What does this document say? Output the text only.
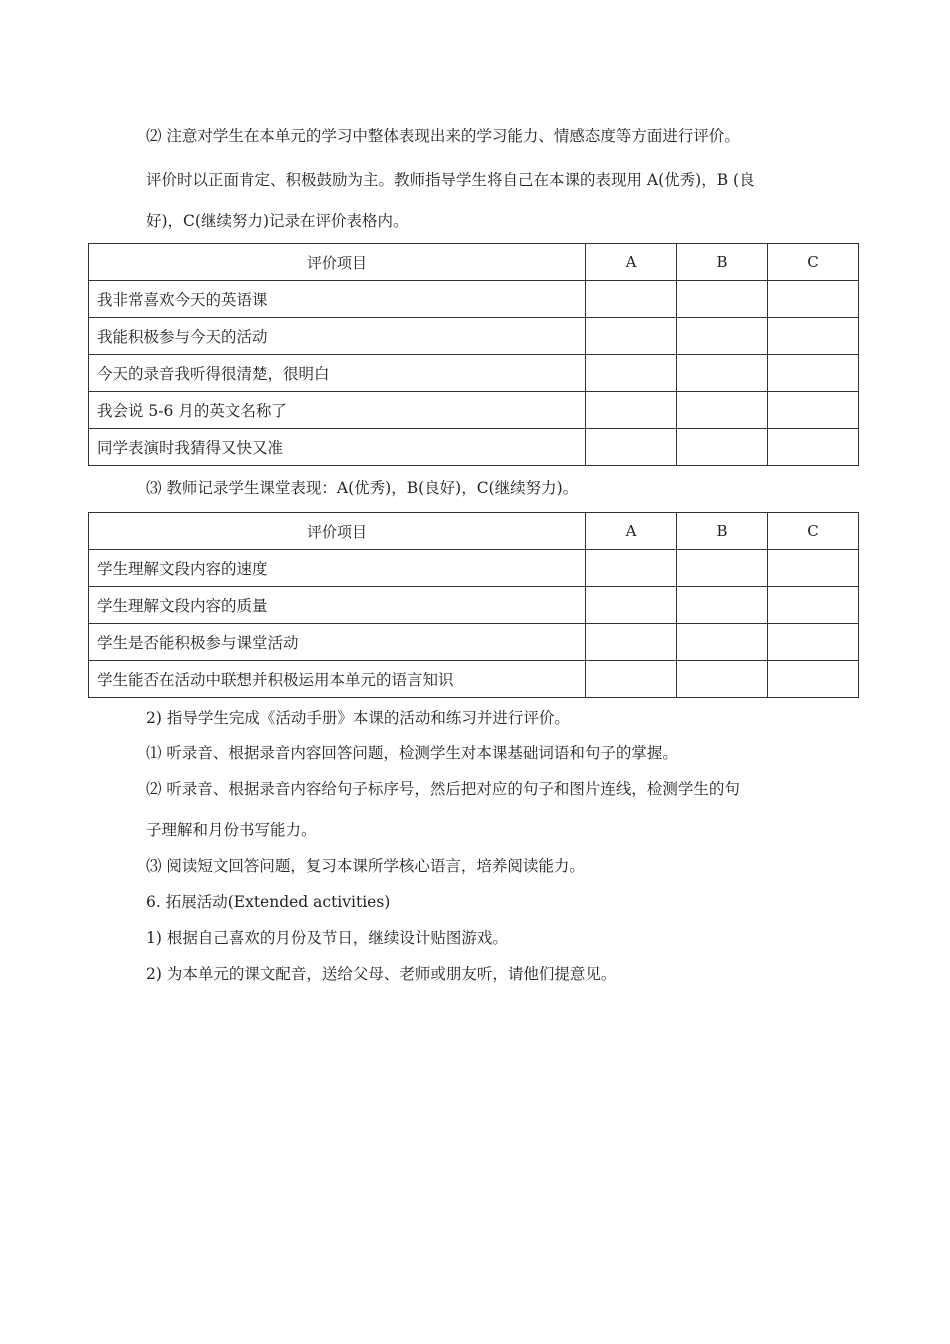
⑵ 注意对学生在本单元的学习中整体表现出来的学习能力、情感态度等方面进行评价。
评价时以正面肯定、积极鼓励为主。教师指导学生将自己在本课的表现用 A(优秀)，B (良
好)，C(继续努力)记录在评价表格内。
评价项目	A	B	C
我非常喜欢今天的英语课			
我能积极参与今天的活动			
今天的录音我听得很清楚，很明白			
我会说 5-6 月的英文名称了			
同学表演时我猜得又快又准			
⑶ 教师记录学生课堂表现：A(优秀)，B(良好)，C(继续努力)。
评价项目	A	B	C
学生理解文段内容的速度			
学生理解文段内容的质量			
学生是否能积极参与课堂活动			
学生能否在活动中联想并积极运用本单元的语言知识			
2) 指导学生完成《活动手册》本课的活动和练习并进行评价。
⑴ 听录音、根据录音内容回答问题，检测学生对本课基础词语和句子的掌握。
⑵ 听录音、根据录音内容给句子标序号，然后把对应的句子和图片连线，检测学生的句
子理解和月份书写能力。
⑶ 阅读短文回答问题，复习本课所学核心语言，培养阅读能力。
6. 拓展活动(Extended activities)
1) 根据自己喜欢的月份及节日，继续设计贴图游戏。
2) 为本单元的课文配音，送给父母、老师或朋友听，请他们提意见。
